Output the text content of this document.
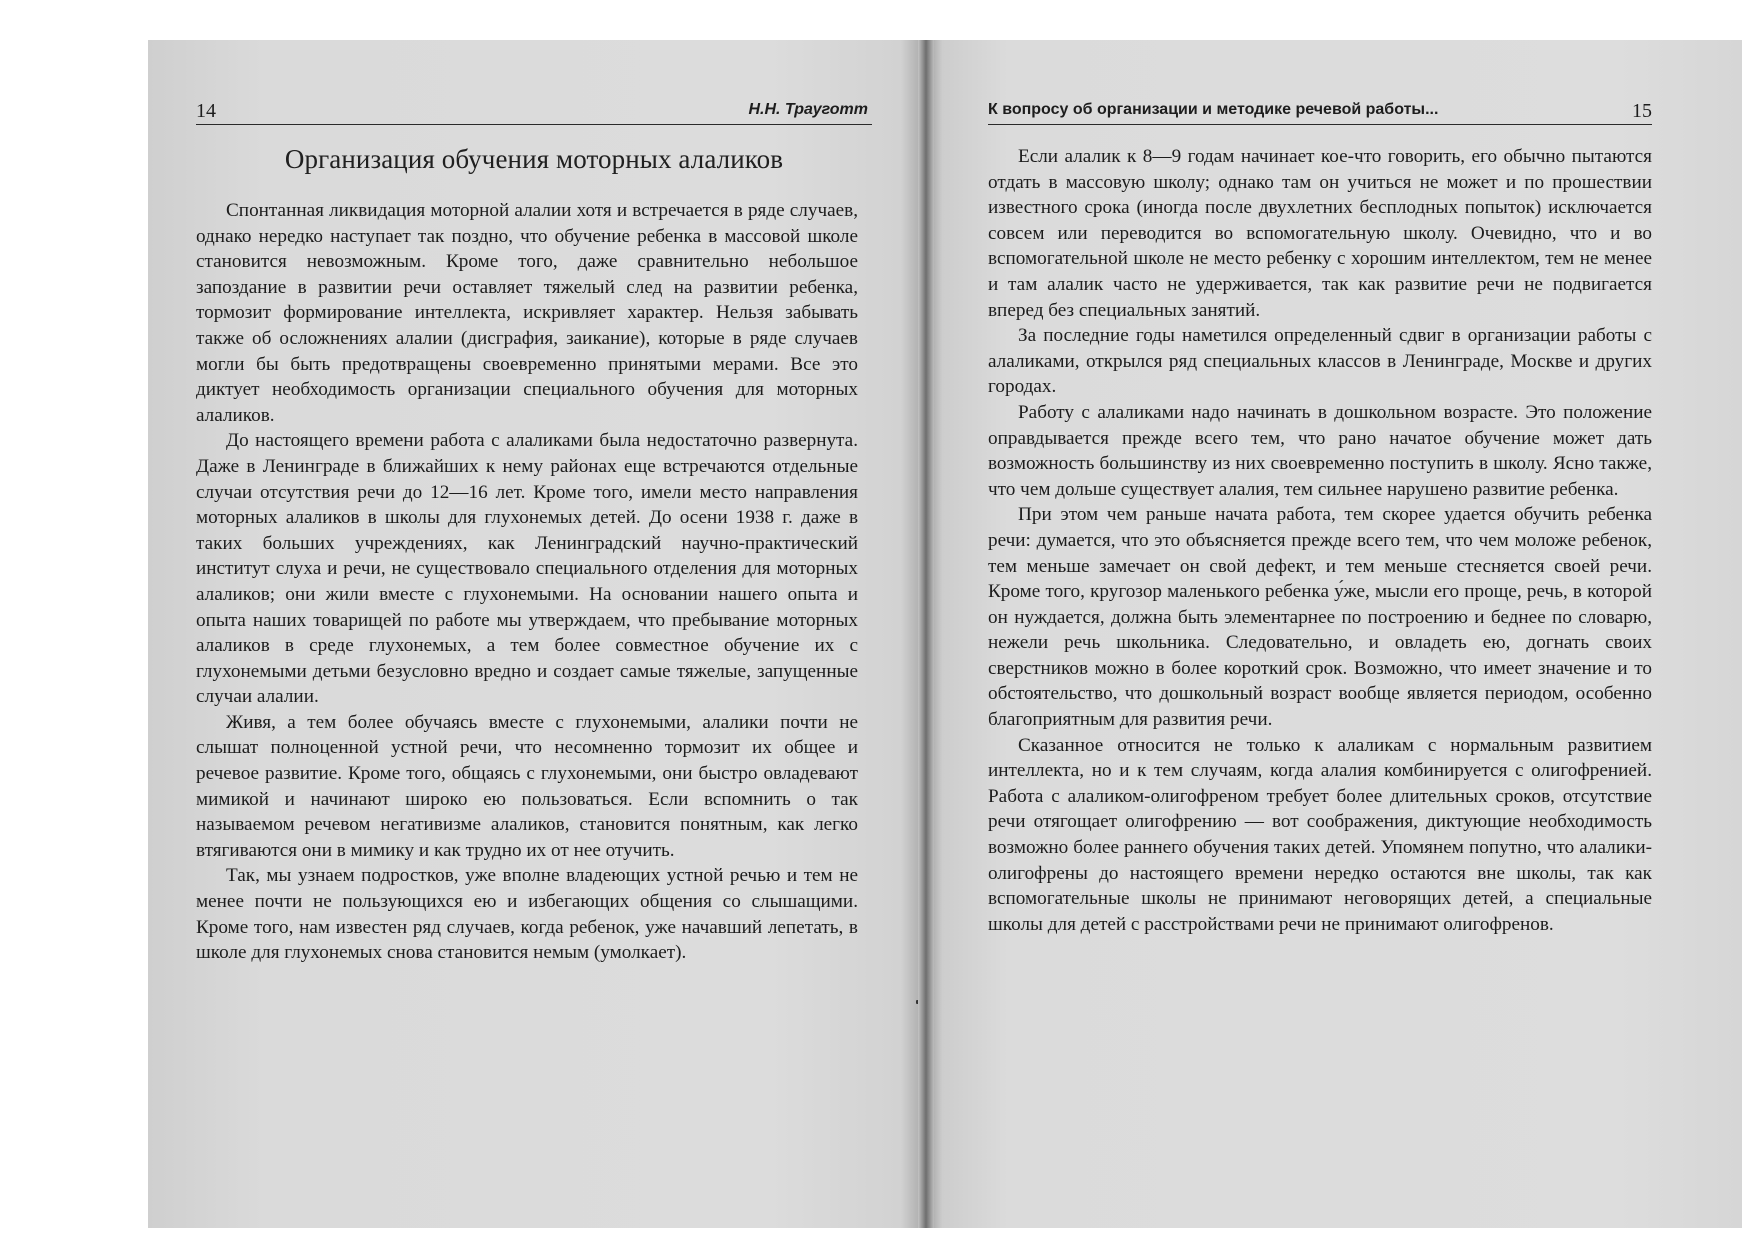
14	Н.Н. Трауготт
Организация обучения моторных алаликов

Спонтанная ликвидация моторной алалии хотя и встречается в ряде случаев, однако нередко наступает так поздно, что обучение ребенка в массовой школе становится невозможным. Кроме того, даже сравнительно небольшое запоздание в развитии речи оставляет тяжелый след на развитии ребенка, тормозит формирование интеллекта, искривляет характер. Нельзя забывать также об осложнениях алалии (дисграфия, заикание), которые в ряде случаев могли бы быть предотвращены своевременно принятыми мерами. Все это диктует необходимость организации специального обучения для моторных алаликов.

До настоящего времени работа с алаликами была недостаточно развернута. Даже в Ленинграде в ближайших к нему районах еще встречаются отдельные случаи отсутствия речи до 12—16 лет. Кроме того, имели место направления моторных алаликов в школы для глухонемых детей. До осени 1938 г. даже в таких больших учреждениях, как Ленинградский научно-практический институт слуха и речи, не существовало специального отделения для моторных алаликов; они жили вместе с глухонемыми. На основании нашего опыта и опыта наших товарищей по работе мы утверждаем, что пребывание моторных алаликов в среде глухонемых, а тем более совместное обучение их с глухонемыми детьми безусловно вредно и создает самые тяжелые, запущенные случаи алалии.

Живя, а тем более обучаясь вместе с глухонемыми, алалики почти не слышат полноценной устной речи, что несомненно тормозит их общее и речевое развитие. Кроме того, общаясь с глухонемыми, они быстро овладевают мимикой и начинают широко ею пользоваться. Если вспомнить о так называемом речевом негативизме алаликов, становится понятным, как легко втягиваются они в мимику и как трудно их от нее отучить.

Так, мы узнаем подростков, уже вполне владеющих устной речью и тем не менее почти не пользующихся ею и избегающих общения со слышащими. Кроме того, нам известен ряд случаев, когда ребенок, уже начавший лепетать, в школе для глухонемых снова становится немым (умолкает).

К вопросу об организации и методике речевой работы...	15

Если алалик к 8—9 годам начинает кое-что говорить, его обычно пытаются отдать в массовую школу; однако там он учиться не может и по прошествии известного срока (иногда после двухлетних бесплодных попыток) исключается совсем или переводится во вспомогательную школу. Очевидно, что и во вспомогательной школе не место ребенку с хорошим интеллектом, тем не менее и там алалик часто не удерживается, так как развитие речи не подвигается вперед без специальных занятий.

За последние годы наметился определенный сдвиг в организации работы с алаликами, открылся ряд специальных классов в Ленинграде, Москве и других городах.

Работу с алаликами надо начинать в дошкольном возрасте. Это положение оправдывается прежде всего тем, что рано начатое обучение может дать возможность большинству из них своевременно поступить в школу. Ясно также, что чем дольше существует алалия, тем сильнее нарушено развитие ребенка.

При этом чем раньше начата работа, тем скорее удается обучить ребенка речи: думается, что это объясняется прежде всего тем, что чем моложе ребенок, тем меньше замечает он свой дефект, и тем меньше стесняется своей речи. Кроме того, кругозор маленького ребенка у́же, мысли его проще, речь, в которой он нуждается, должна быть элементарнее по построению и беднее по словарю, нежели речь школьника. Следовательно, и овладеть ею, догнать своих сверстников можно в более короткий срок. Возможно, что имеет значение и то обстоятельство, что дошкольный возраст вообще является периодом, особенно благоприятным для развития речи.

Сказанное относится не только к алаликам с нормальным развитием интеллекта, но и к тем случаям, когда алалия комбинируется с олигофренией. Работа с алаликом-олигофреном требует более длительных сроков, отсутствие речи отягощает олигофрению — вот соображения, диктующие необходимость возможно более раннего обучения таких детей. Упомянем попутно, что алалики-олигофрены до настоящего времени нередко остаются вне школы, так как вспомогательные школы не принимают неговорящих детей, а специальные школы для детей с расстройствами речи не принимают олигофренов.
